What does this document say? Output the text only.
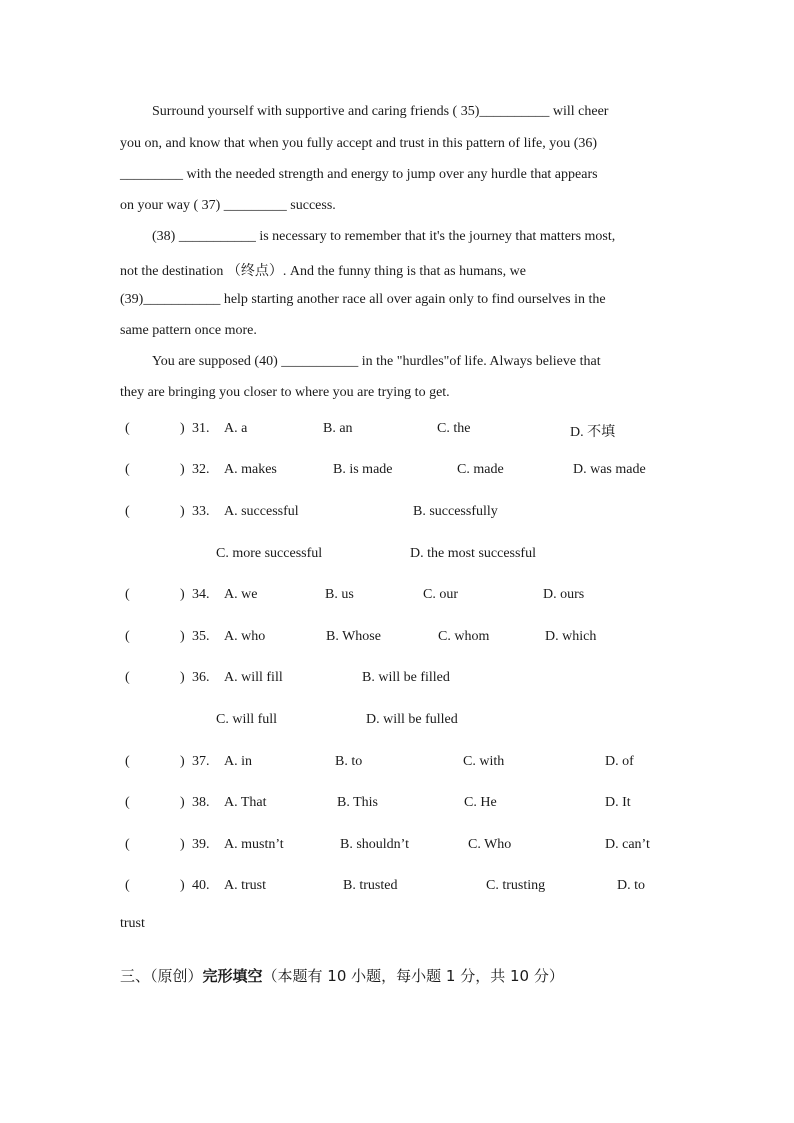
Surround yourself with supportive and caring friends ( 35)__________ will cheer
you on, and know that when you fully accept and trust in this pattern of life, you (36)
_________ with the needed strength and energy to jump over any hurdle that appears
on your way ( 37) _________ success.
(38) ___________ is necessary to remember that it's the journey that matters most,
not the destination （终点）. And the funny thing is that as humans, we
(39)___________ help starting another race all over again only to find ourselves in the
same pattern once more.
You are supposed (40) ___________ in the "hurdles"of life. Always believe that
they are bringing you closer to where you are trying to get.
(	) 31. A. a	B. an	C. the	D. 不填
(	) 32. A. makes	B. is made	C. made	D. was made
(	) 33. A. successful	B. successfully
C. more successful	D. the most successful
(	) 34. A. we	B. us	C. our	D. ours
(	) 35. A. who	B. Whose	C. whom	D. which
(	) 36. A. will fill	B. will be filled
C. will full	D. will be fulled
(	) 37. A. in	B. to	C. with	D. of
(	) 38. A. That	B. This	C. He	D. It
(	) 39. A. mustn’t	B. shouldn’t	C. Who	D. can’t
(	) 40. A. trust	B. trusted	C. trusting	D. to
trust
三、（原创）完形填空（本题有 10 小题，每小题 1 分，共 10 分）
